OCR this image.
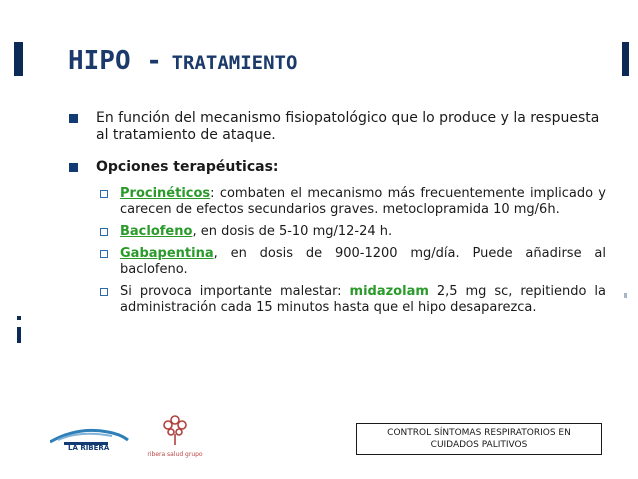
HIPO - TRATAMIENTO
En función del mecanismo fisiopatológico que lo produce y la respuesta al tratamiento de ataque.
Opciones terapéuticas:
Procinéticos: combaten el mecanismo más frecuentemente implicado y carecen de efectos secundarios graves. metoclopramida 10 mg/6h.
Baclofeno, en dosis de 5-10 mg/12-24 h.
Gabapentina, en dosis de 900-1200 mg/día. Puede añadirse al baclofeno.
Si provoca importante malestar: midazolam 2,5 mg sc, repitiendo la administración cada 15 minutos hasta que el hipo desaparezca.
LA RIBERA
ribera salud grupo
CONTROL SÍNTOMAS RESPIRATORIOS EN
CUIDADOS PALITIVOS
